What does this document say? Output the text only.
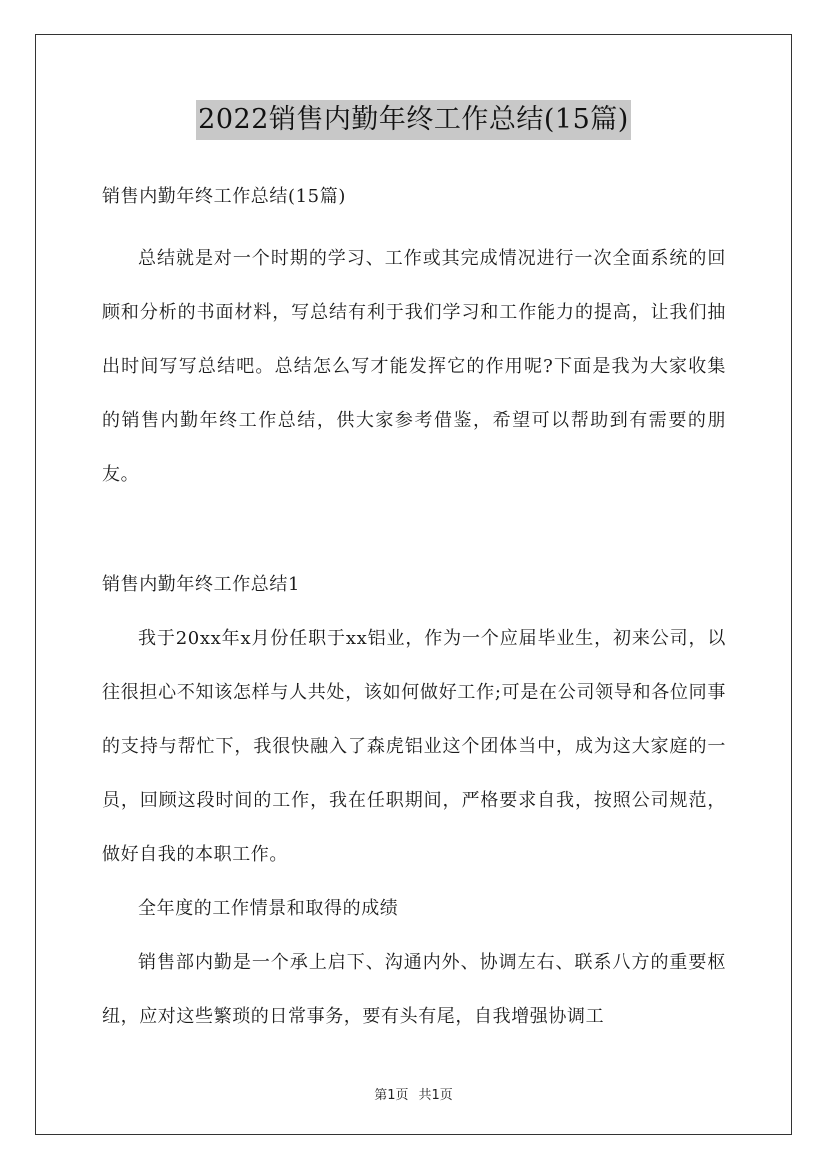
2022销售内勤年终工作总结(15篇)
销售内勤年终工作总结(15篇)

总结就是对一个时期的学习、工作或其完成情况进行一次全面系统的回顾和分析的书面材料，写总结有利于我们学习和工作能力的提高，让我们抽出时间写写总结吧。总结怎么写才能发挥它的作用呢?下面是我为大家收集的销售内勤年终工作总结，供大家参考借鉴，希望可以帮助到有需要的朋友。

销售内勤年终工作总结1

我于20xx年x月份任职于xx铝业，作为一个应届毕业生，初来公司，以往很担心不知该怎样与人共处，该如何做好工作;可是在公司领导和各位同事的支持与帮忙下，我很快融入了森虎铝业这个团体当中，成为这大家庭的一员，回顾这段时间的工作，我在任职期间，严格要求自我，按照公司规范，做好自我的本职工作。

全年度的工作情景和取得的成绩

销售部内勤是一个承上启下、沟通内外、协调左右、联系八方的重要枢纽，应对这些繁琐的日常事务，要有头有尾，自我增强协调工

第1页 共1页
